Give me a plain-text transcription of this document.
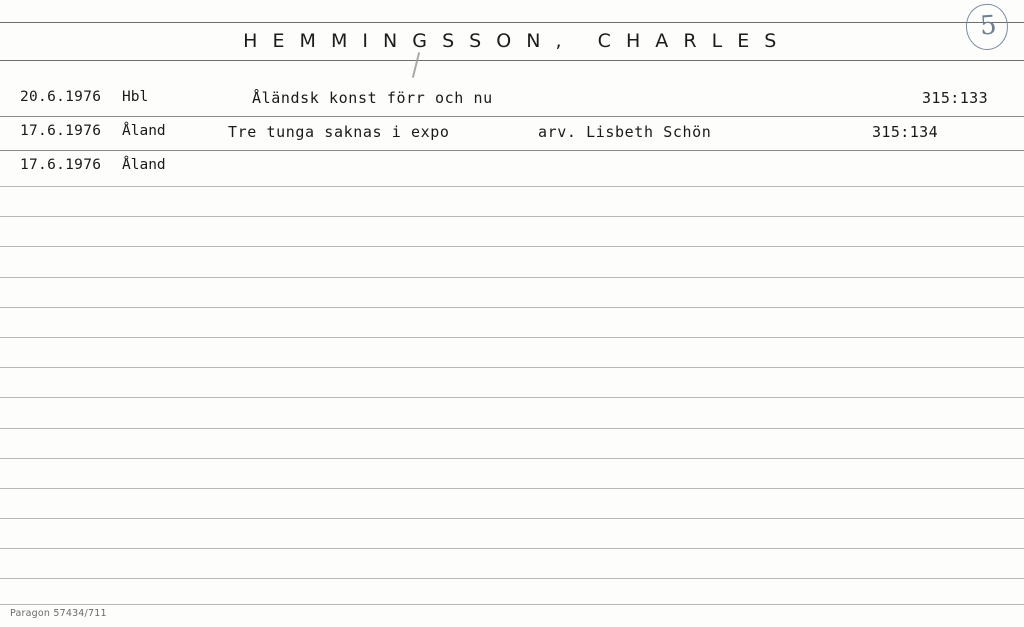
H E M M I N G S S O N ,   C H A R L E S	5
20.6.1976 Hbl	Åländsk konst förr och nu	315:133
17.6.1976 Åland	Tre tunga saknas i expo	arv. Lisbeth Schön	315:134
17.6.1976 Åland
Paragon 57434/711
